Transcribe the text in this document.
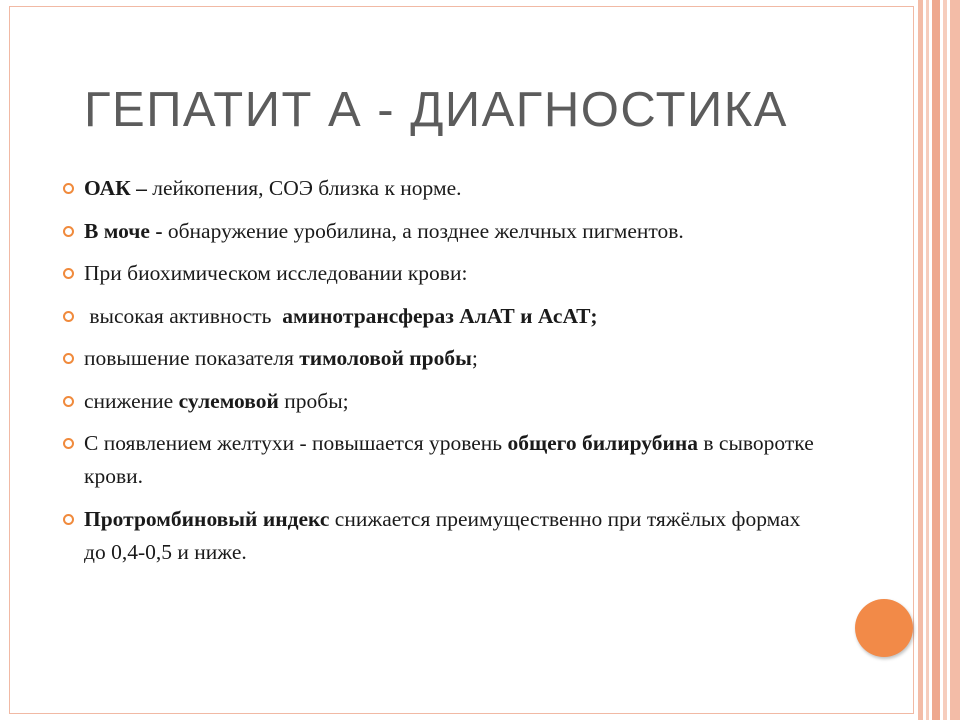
ГЕПАТИТ А - ДИАГНОСТИКА
ОАК – лейкопения, СОЭ близка к норме.
В моче - обнаружение уробилина, а позднее желчных пигментов.
При биохимическом исследовании крови:
высокая активность  аминотрансфераз АлАТ и АсАТ;
повышение показателя тимоловой пробы;
снижение сулемовой пробы;
С появлением желтухи - повышается уровень общего билирубина в сыворотке крови.
Протромбиновый индекс снижается преимущественно при тяжёлых формах до 0,4-0,5 и ниже.
